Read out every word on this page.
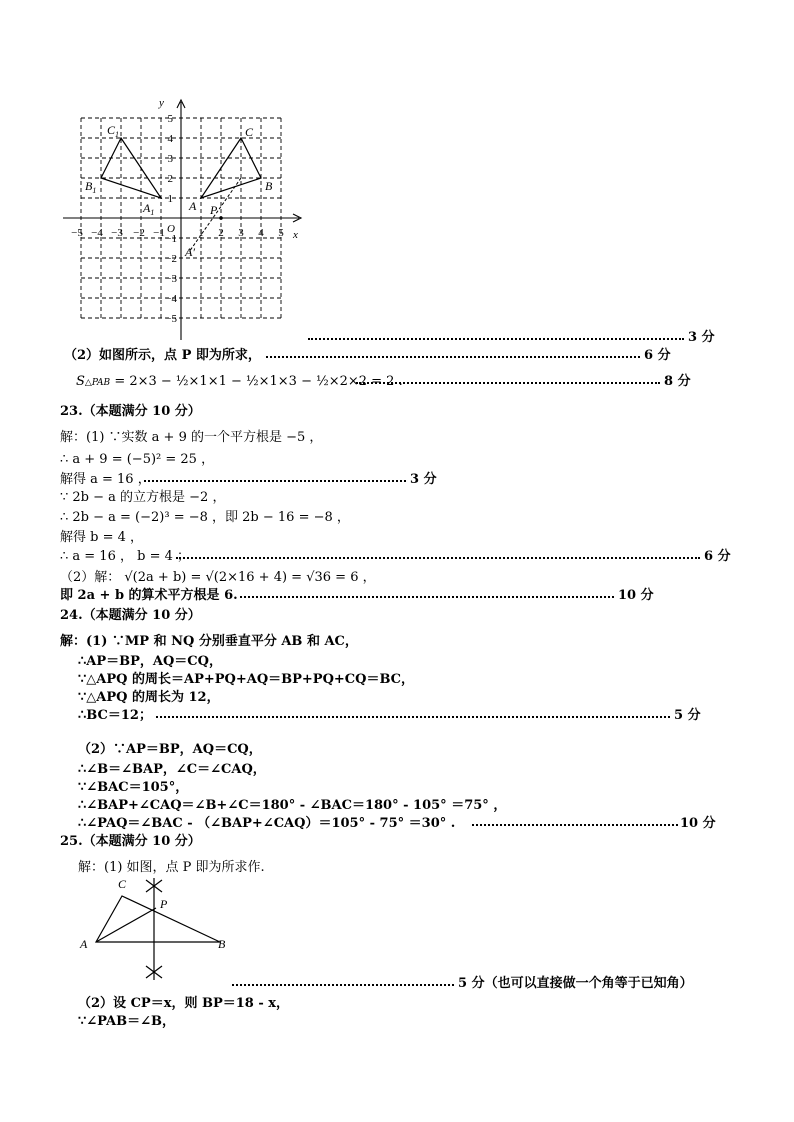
y
x
O
−5 −4 −3 −2 −1	1 2 3 4 5
5
4
3
2
1
−1
−2
−3
−4
−5
$C_1$
$B_1$
$A_1$
C
B
A P
A′
3 分
（2）如图所示，点 P 即为所求，	6 分
S△PAB = 2×3 − ½×1×1 − ½×1×3 − ½×2×2 = 2 .	8 分
23.（本题满分 10 分）
解：(1) ∵实数 a + 9 的一个平方根是 −5 ，
∴ a + 9 = (−5)² = 25 ，
解得 a = 16 ，	3 分
∵ 2b − a 的立方根是 −2 ，
∴ 2b − a = (−2)³ = −8 ，即 2b − 16 = −8 ，
解得 b = 4 ，
∴ a = 16 ， b = 4 ；	6 分
（2）解： √(2a + b) = √(2×16 + 4) = √36 = 6 ，
即 2a + b 的算术平方根是 6.	10 分
24.（本题满分 10 分）
解：(1) ∵MP 和 NQ 分别垂直平分 AB 和 AC，
∴AP＝BP，AQ＝CQ，
∵△APQ 的周长＝AP+PQ+AQ＝BP+PQ+CQ＝BC，
∵△APQ 的周长为 12，
∴BC＝12；	5 分
（2）∵AP＝BP，AQ＝CQ，
∴∠B＝∠BAP，∠C＝∠CAQ，
∵∠BAC＝105°，
∴∠BAP+∠CAQ＝∠B+∠C＝180° - ∠BAC＝180° - 105° ＝75° ，
∴∠PAQ＝∠BAC - （∠BAP+∠CAQ）＝105° - 75° ＝30° .	10 分
25.（本题满分 10 分）
解：(1) 如图，点 P 即为所求作.
C
P
A	B
5 分（也可以直接做一个角等于已知角）
（2）设 CP＝x，则 BP＝18 - x，
∵∠PAB＝∠B，
